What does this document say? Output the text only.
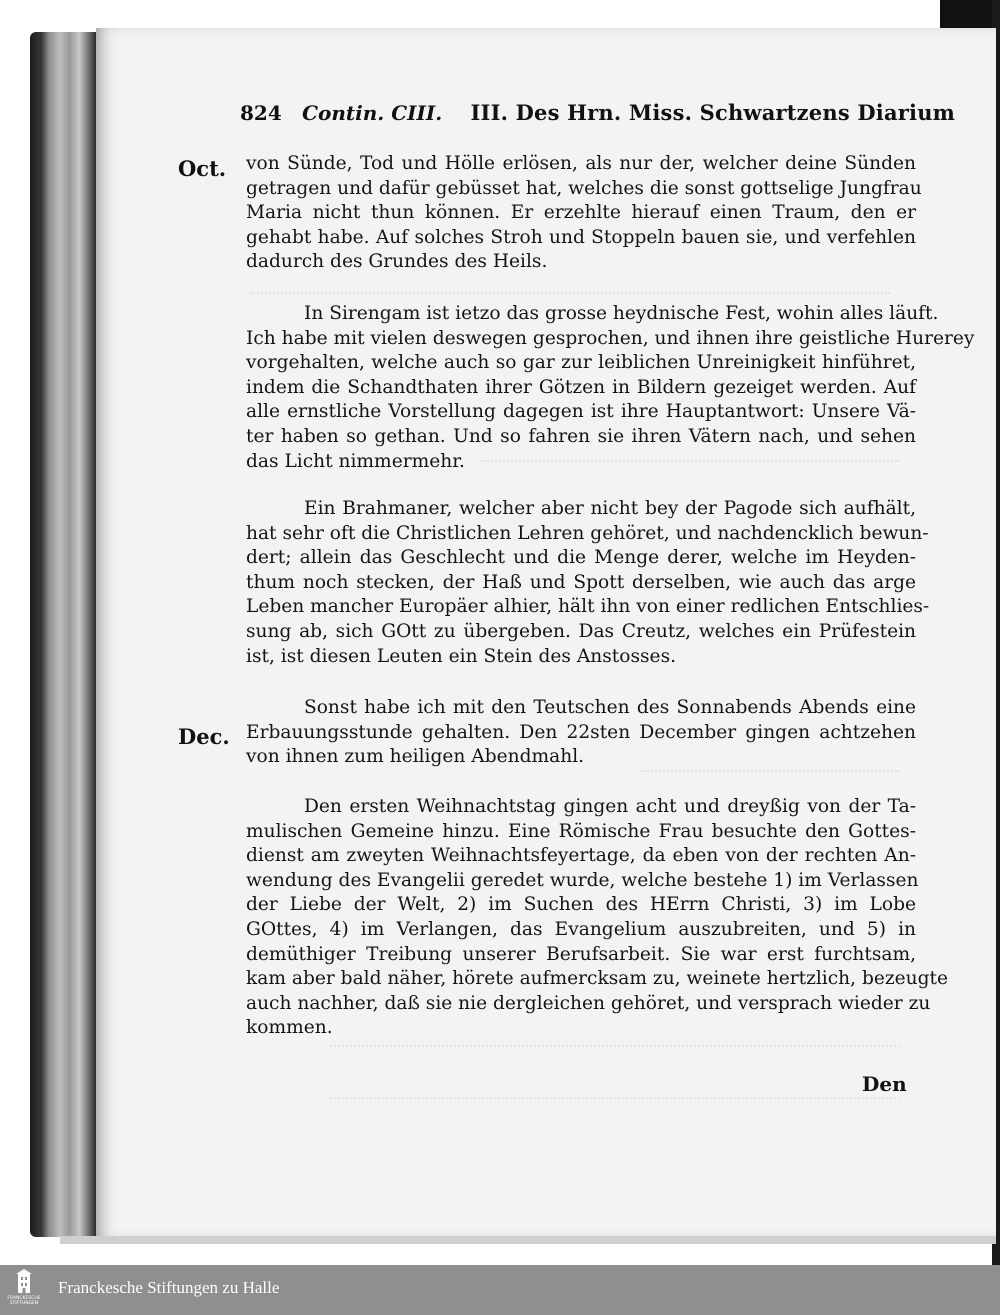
824 Contin. CIII. III. Des Hrn. Miss. Schwartzens Diarium
Oct.
Dec.
von Sünde, Tod und Hölle erlösen, als nur der, welcher deine Sünden
getragen und dafür gebüsset hat, welches die sonst gottselige Jungfrau
Maria nicht thun können. Er erzehlte hierauf einen Traum, den er
gehabt habe. Auf solches Stroh und Stoppeln bauen sie, und verfehlen
dadurch des Grundes des Heils.
In Sirengam ist ietzo das grosse heydnische Fest, wohin alles läuft.
Ich habe mit vielen deswegen gesprochen, und ihnen ihre geistliche Hurerey
vorgehalten, welche auch so gar zur leiblichen Unreinigkeit hinführet,
indem die Schandthaten ihrer Götzen in Bildern gezeiget werden. Auf
alle ernstliche Vorstellung dagegen ist ihre Hauptantwort: Unsere Vä-
ter haben so gethan. Und so fahren sie ihren Vätern nach, und sehen
das Licht nimmermehr.
Ein Brahmaner, welcher aber nicht bey der Pagode sich aufhält,
hat sehr oft die Christlichen Lehren gehöret, und nachdencklich bewun-
dert; allein das Geschlecht und die Menge derer, welche im Heyden-
thum noch stecken, der Haß und Spott derselben, wie auch das arge
Leben mancher Europäer alhier, hält ihn von einer redlichen Entschlies-
sung ab, sich GOtt zu übergeben. Das Creutz, welches ein Prüfestein
ist, ist diesen Leuten ein Stein des Anstosses.
Sonst habe ich mit den Teutschen des Sonnabends Abends eine
Erbauungsstunde gehalten. Den 22sten December gingen achtzehen
von ihnen zum heiligen Abendmahl.
Den ersten Weihnachtstag gingen acht und dreyßig von der Ta-
mulischen Gemeine hinzu. Eine Römische Frau besuchte den Gottes-
dienst am zweyten Weihnachtsfeyertage, da eben von der rechten An-
wendung des Evangelii geredet wurde, welche bestehe 1) im Verlassen
der Liebe der Welt, 2) im Suchen des HErrn Christi, 3) im Lobe
GOttes, 4) im Verlangen, das Evangelium auszubreiten, und 5) in
demüthiger Treibung unserer Berufsarbeit. Sie war erst furchtsam,
kam aber bald näher, hörete aufmercksam zu, weinete hertzlich, bezeugte
auch nachher, daß sie nie dergleichen gehöret, und versprach wieder zu
kommen.
Den
FRANCKESCHE STIFTUNGEN
Franckesche Stiftungen zu Halle
